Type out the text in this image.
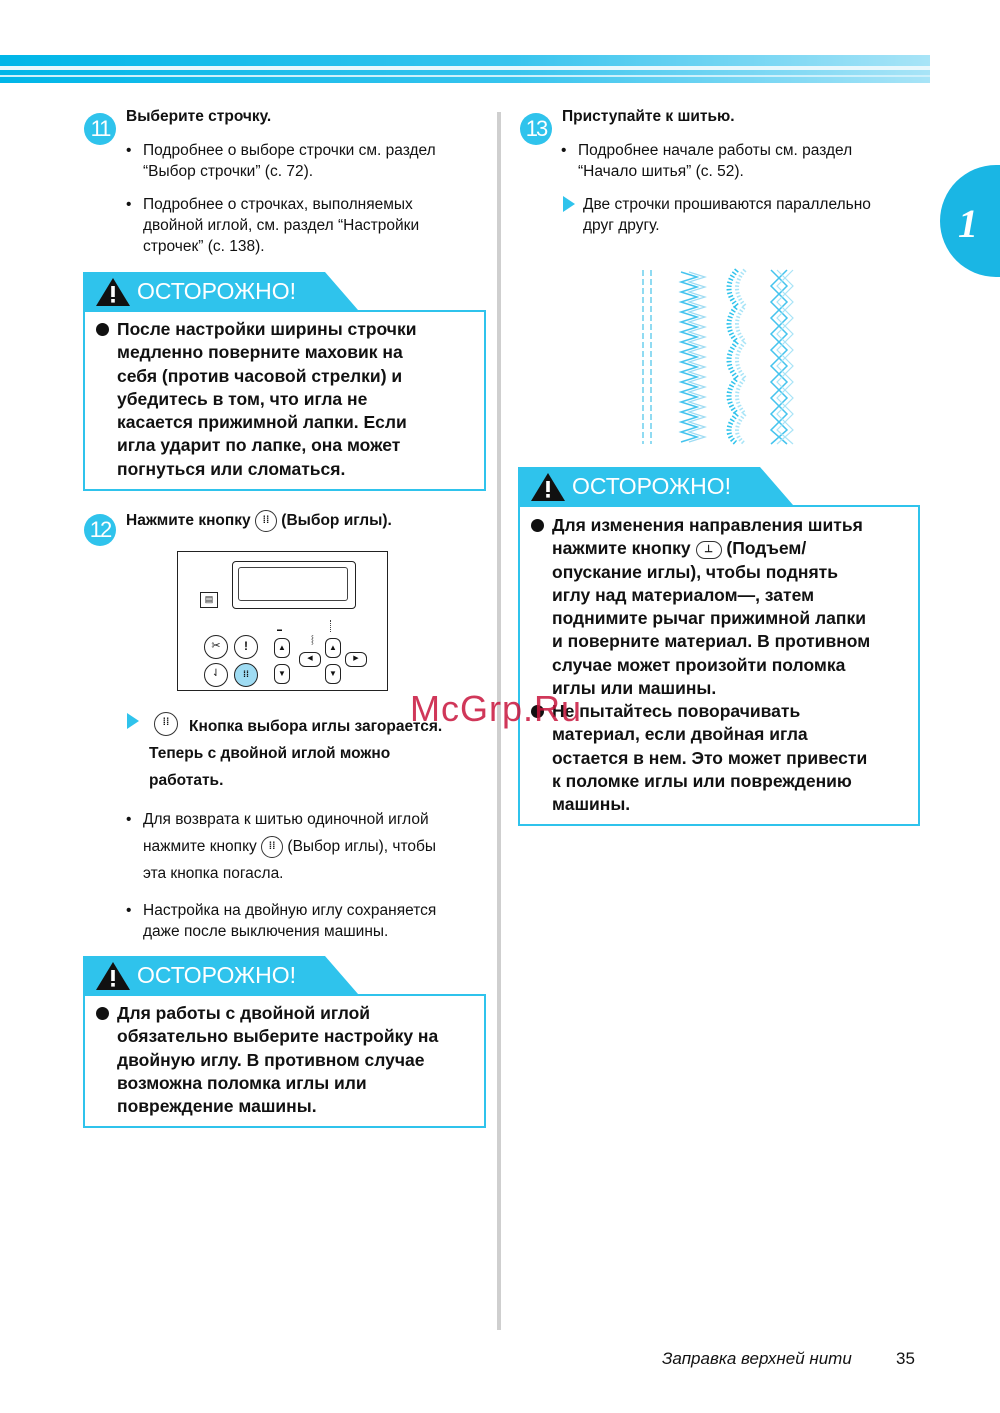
1
11	Выберите строчку.
• Подробнее о выборе строчки см. раздел
“Выбор строчки” (с. 72).
• Подробнее о строчках, выполняемых
двойной иглой, см. раздел “Настройки
строчек” (с. 138).
ОСТОРОЖНО!
После настройки ширины строчки
медленно поверните маховик на
себя (против часовой стрелки) и
убедитесь в том, что игла не
касается прижимной лапки. Если
игла ударит по лапке, она может
погнуться или сломаться.
12	Нажмите кнопку ⁞⁞ (Выбор иглы).
▤
✂	!
⇃	⁞⁞
▬
▲
▼
◀
⸾
▲
▼
▶
⁞⁞	Кнопка выбора иглы загорается.
Теперь с двойной иглой можно
работать.
• Для возврата к шитью одиночной иглой
нажмите кнопку ⁞⁞ (Выбор иглы), чтобы
эта кнопка погасла.
• Настройка на двойную иглу сохраняется
даже после выключения машины.
ОСТОРОЖНО!
Для работы с двойной иглой
обязательно выберите настройку на
двойную иглу. В противном случае
возможна поломка иглы или
повреждение машины.
13	Приступайте к шитью.
• Подробнее начале работы см. раздел
“Начало шитья” (с. 52).
Две строчки прошиваются параллельно
друг другу.
ОСТОРОЖНО!
Для изменения направления шитья
нажмите кнопку ⊥ (Подъем/
опускание иглы), чтобы поднять
иглу над материалом—, затем
поднимите рычаг прижимной лапки
и поверните материал. В противном
случае может произойти поломка
иглы или машины.
Не пытайтесь поворачивать
материал, если двойная игла
остается в нем. Это может привести
к поломке иглы или повреждению
машины.
McGrp.Ru
Заправка верхней нити	35
